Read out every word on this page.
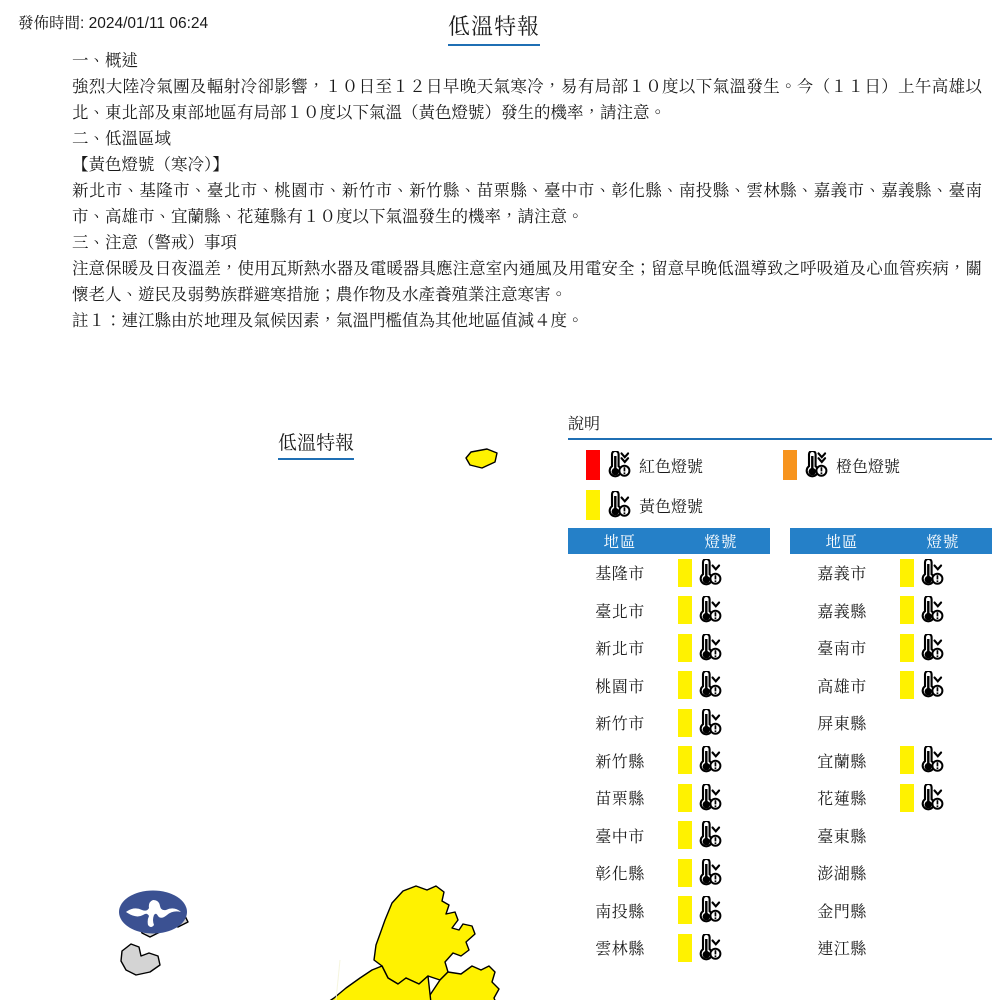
發佈時間: 2024/01/11 06:24	低溫特報
一、概述
強烈大陸冷氣團及輻射冷卻影響，１０日至１２日早晚天氣寒冷，易有局部１０度以下氣溫發生。今（１１日）上午高雄以北、東北部及東部地區有局部１０度以下氣溫（黃色燈號）發生的機率，請注意。
二、低溫區域
【黃色燈號（寒冷）】
新北市、基隆市、臺北市、桃園市、新竹市、新竹縣、苗栗縣、臺中市、彰化縣、南投縣、雲林縣、嘉義市、嘉義縣、臺南市、高雄市、宜蘭縣、花蓮縣有１０度以下氣溫發生的機率，請注意。
三、注意（警戒）事項
注意保暖及日夜溫差，使用瓦斯熱水器及電暖器具應注意室內通風及用電安全；留意早晚低溫導致之呼吸道及心血管疾病，關懷老人、遊民及弱勢族群避寒措施；農作物及水產養殖業注意寒害。
註１：連江縣由於地理及氣候因素，氣溫門檻值為其他地區值減４度。
低溫特報
說明
紅色燈號	橙色燈號
黃色燈號
地區	燈號
基隆市	

臺北市	

新北市	

桃園市	

新竹市	

新竹縣	

苗栗縣	

臺中市	

彰化縣	

南投縣	

雲林縣	
地區	燈號
嘉義市	

嘉義縣	

臺南市	

高雄市	

屏東縣	
宜蘭縣	

花蓮縣	

臺東縣	
澎湖縣	
金門縣	
連江縣	
